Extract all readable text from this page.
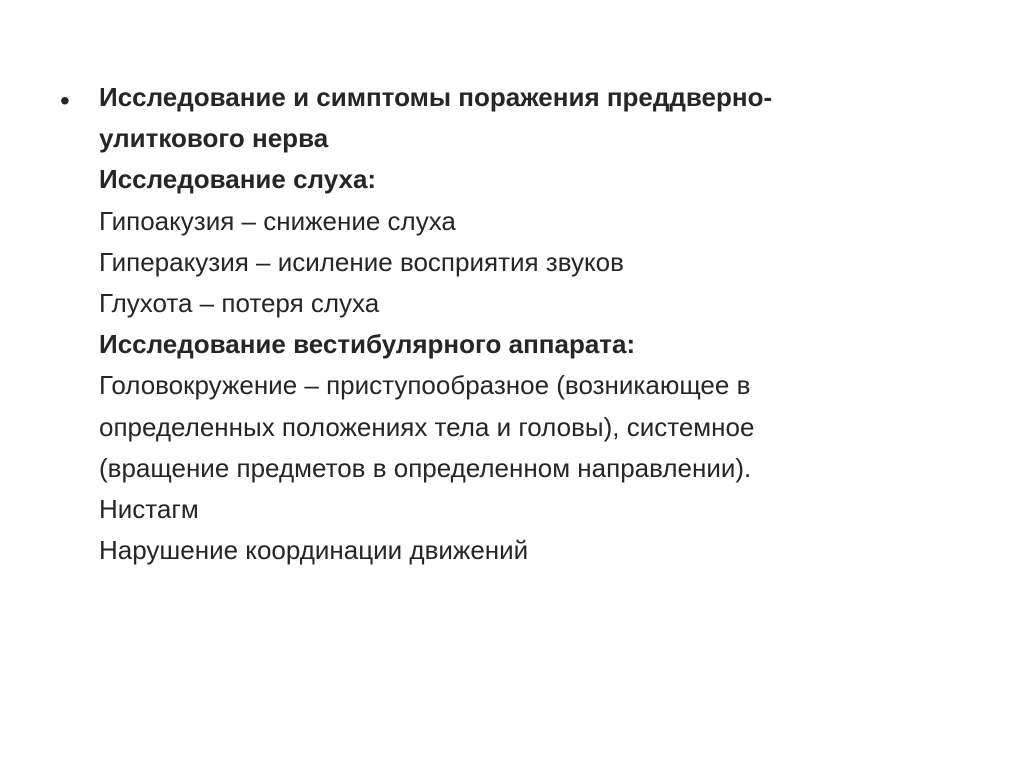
• Исследование и симптомы поражения преддверно-
улиткового нерва
Исследование слуха:
Гипоакузия – снижение слуха
Гиперакузия – исиление восприятия звуков
Глухота – потеря слуха
Исследование вестибулярного аппарата:
Головокружение – приступообразное (возникающее в
определенных положениях тела и головы), системное
(вращение предметов в определенном направлении).
Нистагм
Нарушение координации движений
